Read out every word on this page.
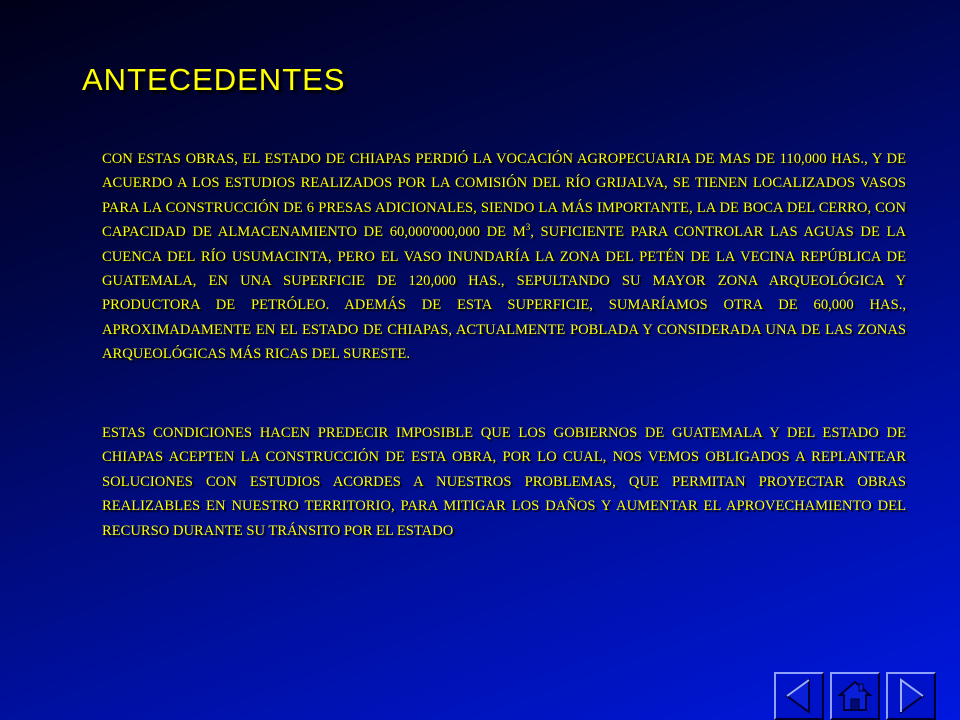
ANTECEDENTES

CON ESTAS OBRAS, EL ESTADO DE CHIAPAS PERDIÓ LA VOCACIÓN AGROPECUARIA DE MAS DE 110,000 HAS., Y DE ACUERDO A LOS ESTUDIOS REALIZADOS POR LA COMISIÓN DEL RÍO GRIJALVA, SE TIENEN LOCALIZADOS VASOS PARA LA CONSTRUCCIÓN DE 6 PRESAS ADICIONALES, SIENDO LA MÁS IMPORTANTE, LA DE BOCA DEL CERRO, CON CAPACIDAD DE ALMACENAMIENTO DE 60,000'000,000 DE $M^3$, SUFICIENTE PARA CONTROLAR LAS AGUAS DE LA CUENCA DEL RÍO USUMACINTA, PERO EL VASO INUNDARÍA LA ZONA DEL PETÉN DE LA VECINA REPÚBLICA DE GUATEMALA, EN UNA SUPERFICIE DE 120,000 HAS., SEPULTANDO SU MAYOR ZONA ARQUEOLÓGICA Y PRODUCTORA DE PETRÓLEO. ADEMÁS DE ESTA SUPERFICIE, SUMARÍAMOS OTRA DE 60,000 HAS., APROXIMADAMENTE EN EL ESTADO DE CHIAPAS, ACTUALMENTE POBLADA Y CONSIDERADA UNA DE LAS ZONAS ARQUEOLÓGICAS MÁS RICAS DEL SURESTE.

ESTAS CONDICIONES HACEN PREDECIR IMPOSIBLE QUE LOS GOBIERNOS DE GUATEMALA Y DEL ESTADO DE CHIAPAS ACEPTEN LA CONSTRUCCIÓN DE ESTA OBRA, POR LO CUAL, NOS VEMOS OBLIGADOS A REPLANTEAR SOLUCIONES CON ESTUDIOS ACORDES A NUESTROS PROBLEMAS, QUE PERMITAN PROYECTAR OBRAS REALIZABLES EN NUESTRO TERRITORIO, PARA MITIGAR LOS DAÑOS Y AUMENTAR EL APROVECHAMIENTO DEL RECURSO DURANTE SU TRÁNSITO POR EL ESTADO
